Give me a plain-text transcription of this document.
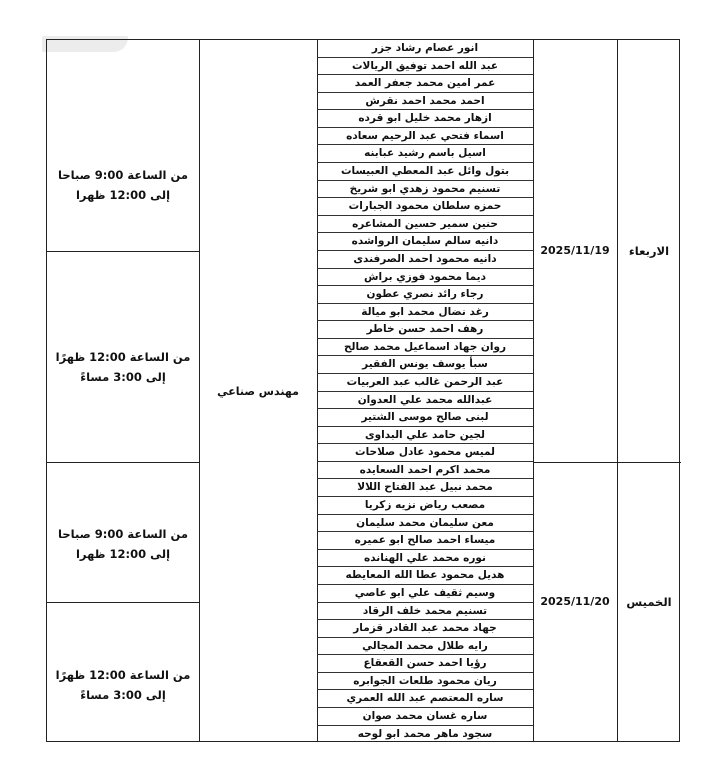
من الساعة 9:00 صباحا
إلى 12:00 ظهرا
من الساعة 12:00 ظهرًا
إلى 3:00 مساءً
من الساعة 9:00 صباحا
إلى 12:00 ظهرا
من الساعة 12:00 ظهرًا
إلى 3:00 مساءً
مهندس صناعي
انور عصام رشاد جزر
عبد الله احمد توفيق الريالات
عمر امين محمد جعفر العمد
احمد محمد احمد نقرش
ازهار محمد خليل ابو قرده
اسماء فتحي عبد الرحيم سعاده
اسيل باسم رشيد عبابنه
بتول وائل عبد المعطي العبيسات
تسنيم محمود زهدي ابو شريخ
حمزه سلطان محمود الجبارات
حنين سمير حسين المشاعره
دانيه سالم سليمان الرواشده
دانيه محمود احمد الصرفندى
ديما محمود فوزي براش
رجاء رائد نصري عطون
رغد نضال محمد ابو ميالة
رهف احمد حسن خاطر
روان جهاد اسماعيل محمد صالح
سبأ يوسف يونس الفقير
عبد الرحمن غالب عبد العربيات
عبدالله محمد علي العدوان
لبنى صالح موسى الشتير
لجين حامد علي البداوى
لميس محمود عادل صلاحات
محمد اكرم احمد السعايده
محمد نبيل عبد الفتاح اللالا
مصعب رياض نزيه زكريا
معن سليمان محمد سليمان
ميساء احمد صالح ابو عميره
نوره محمد علي الهنانده
هديل محمود عطا الله المعايطه
وسيم ثقيف علي ابو عاصي
تسنيم محمد خلف الرقاد
جهاد محمد عبد القادر قزمار
رايه طلال محمد المجالي
رؤيا احمد حسن القعقاع
ريان محمود طلعات الجوابره
ساره المعتصم عبد الله العمري
ساره غسان محمد صوان
سجود ماهر محمد ابو لوحه
2025/11/19
2025/11/20
الاربعاء
الخميس
